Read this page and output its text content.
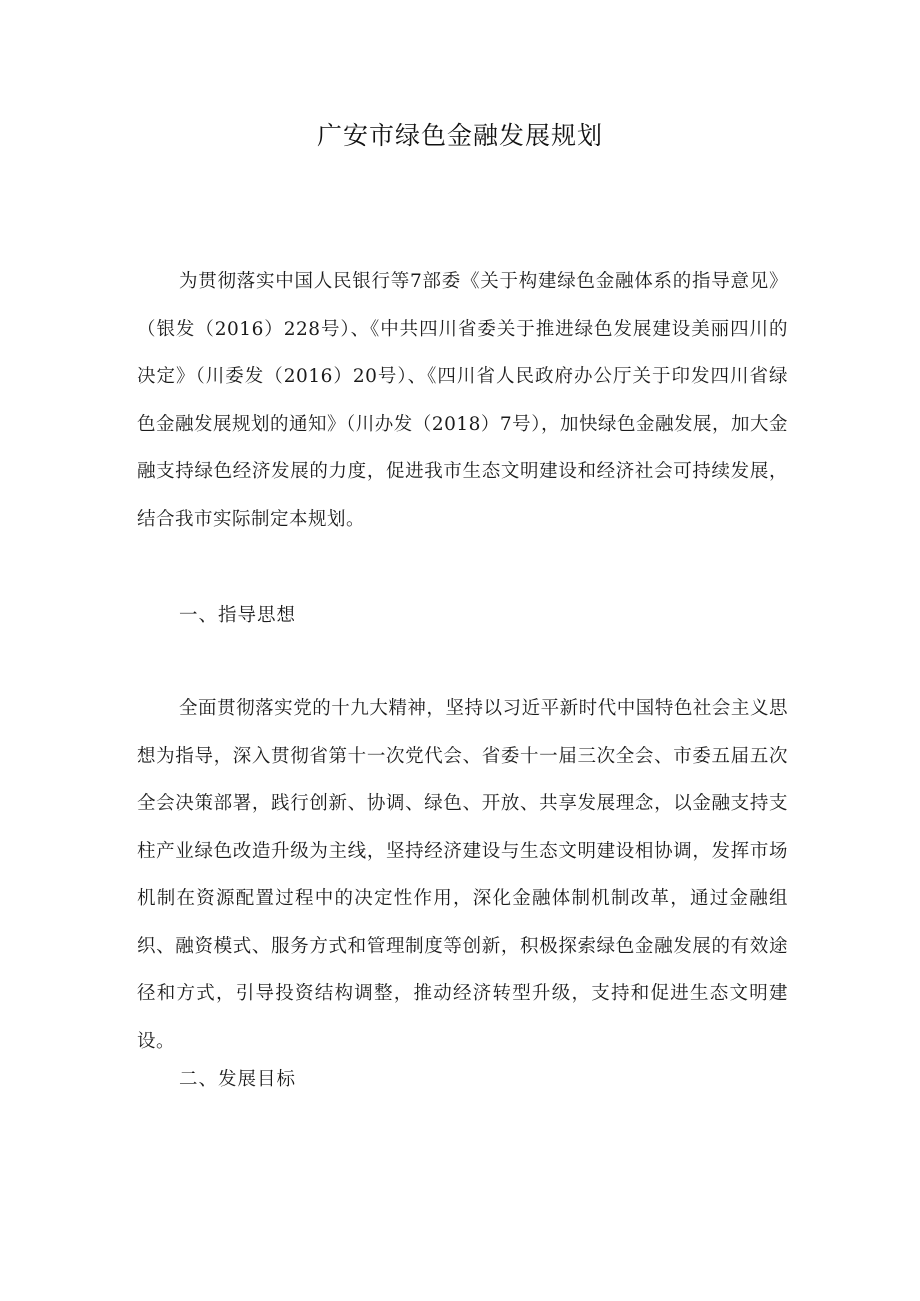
广安市绿色金融发展规划

为贯彻落实中国人民银行等7部委《关于构建绿色金融体系的指导意见》（银发（2016）228号）、《中共四川省委关于推进绿色发展建设美丽四川的决定》（川委发（2016）20号）、《四川省人民政府办公厅关于印发四川省绿色金融发展规划的通知》（川办发（2018）7号），加快绿色金融发展，加大金融支持绿色经济发展的力度，促进我市生态文明建设和经济社会可持续发展，结合我市实际制定本规划。

一、指导思想

全面贯彻落实党的十九大精神，坚持以习近平新时代中国特色社会主义思想为指导，深入贯彻省第十一次党代会、省委十一届三次全会、市委五届五次全会决策部署，践行创新、协调、绿色、开放、共享发展理念，以金融支持支柱产业绿色改造升级为主线，坚持经济建设与生态文明建设相协调，发挥市场机制在资源配置过程中的决定性作用，深化金融体制机制改革，通过金融组织、融资模式、服务方式和管理制度等创新，积极探索绿色金融发展的有效途径和方式，引导投资结构调整，推动经济转型升级，支持和促进生态文明建设。

二、发展目标
